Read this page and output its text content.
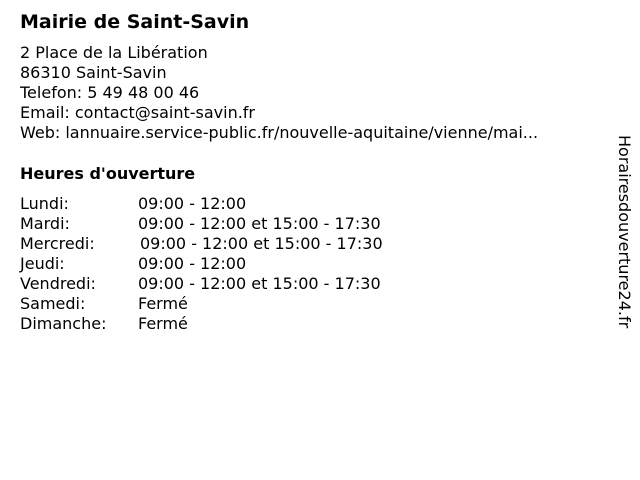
Mairie de Saint-Savin
2 Place de la Libération
86310 Saint-Savin
Telefon: 5 49 48 00 46
Email: contact@saint-savin.fr
Web: lannuaire.service-public.fr/nouvelle-aquitaine/vienne/mai...
Heures d'ouverture
Lundi:	09:00 - 12:00
Mardi:	09:00 - 12:00 et 15:00 - 17:30
Mercredi:	09:00 - 12:00 et 15:00 - 17:30
Jeudi:	09:00 - 12:00
Vendredi:	09:00 - 12:00 et 15:00 - 17:30
Samedi:	Fermé
Dimanche: Fermé	Horairesdouverture24.fr
